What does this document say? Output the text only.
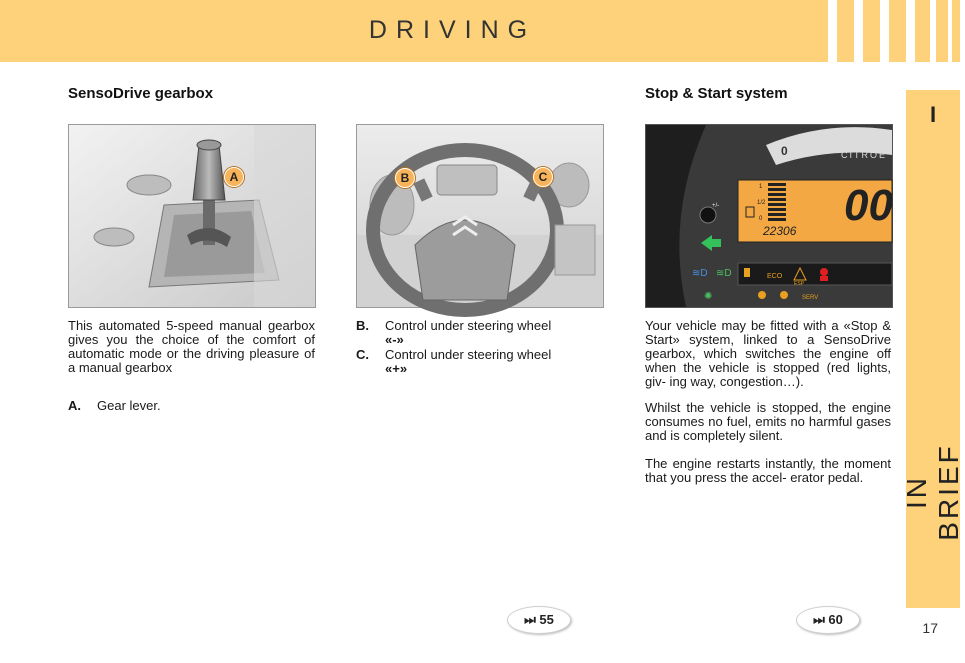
DRIVING
I
IN BRIEF
17
SensoDrive gearbox
A
This automated 5-speed manual gearbox gives you the choice of the comfort of automatic mode or the driving pleasure of a manual gearbox
A. Gear lever.
B	C
B. Control under steering wheel
«-»
C. Control under steering wheel
«+»
Stop & Start system
0	CITROË
1
1/2
0 00
22306
+/-
≋D ≋D	ECO
ESP
✺	SERV
Your vehicle may be fitted with a «Stop & Start» system, linked to a SensoDrive gearbox, which switches the engine off when the vehicle is stopped (red lights, giv- ing way, congestion…).
Whilst the vehicle is stopped, the engine consumes no fuel, emits no harmful gases and is completely silent.
The engine restarts instantly, the moment that you press the accel- erator pedal.
⏭ 55	⏭ 60
